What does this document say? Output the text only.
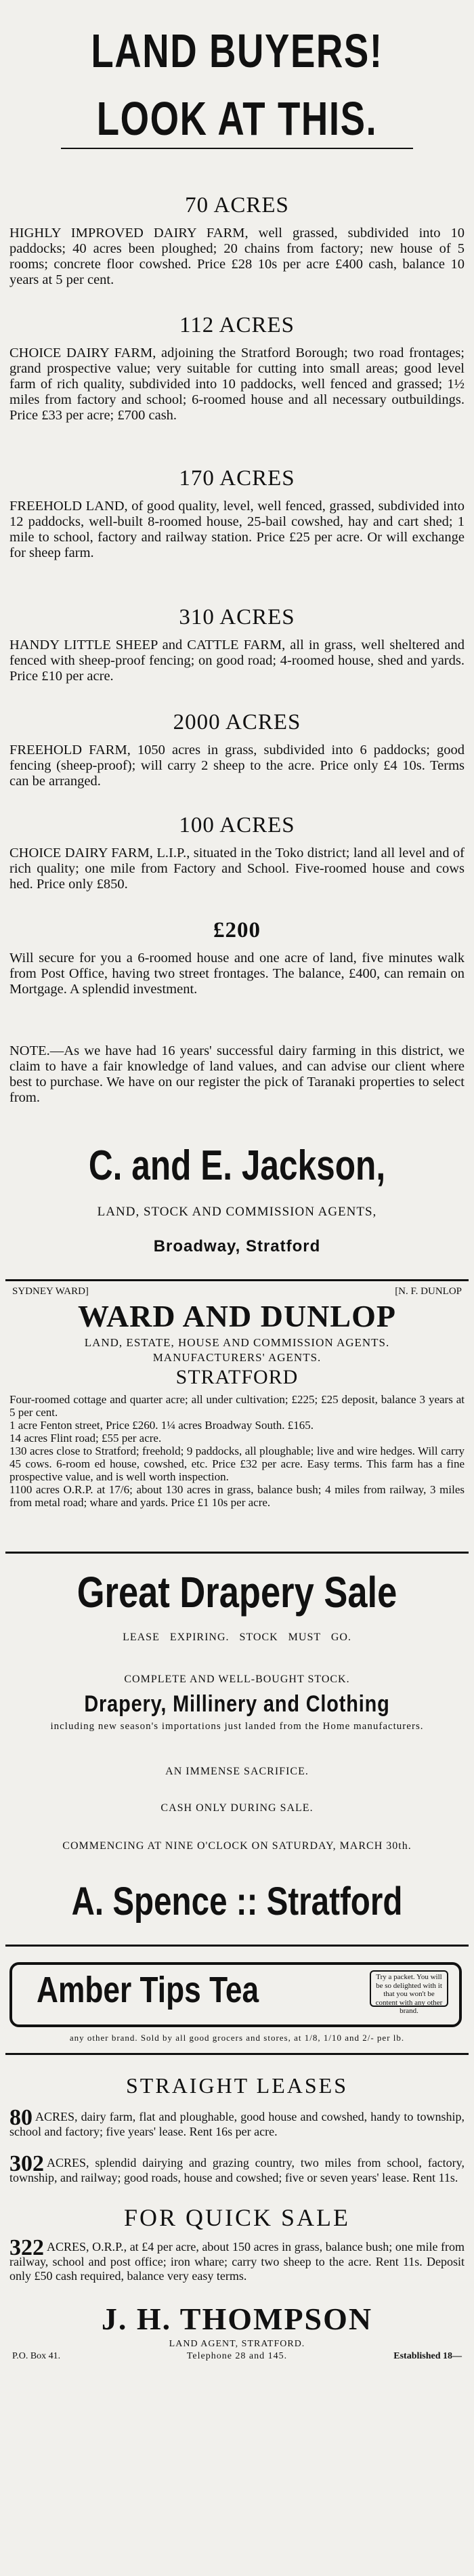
LAND BUYERS!
LOOK AT THIS.
70 ACRES
HIGHLY IMPROVED DAIRY FARM, well grassed, subdivided into 10 paddocks; 40 acres been ploughed; 20 chains from factory; new house of 5 rooms; concrete floor cowshed. Price £28 10s per acre £400 cash, balance 10 years at 5 per cent.
112 ACRES
CHOICE DAIRY FARM, adjoining the Stratford Borough; two road frontages; grand prospective value; very suitable for cutting into small areas; good level farm of rich quality, subdivided into 10 paddocks, well fenced and grassed; 1½ miles from factory and school; 6-roomed house and all necessary outbuildings. Price £33 per acre; £700 cash.
170 ACRES
FREEHOLD LAND, of good quality, level, well fenced, grassed, subdivided into 12 paddocks, well-built 8-roomed house, 25-bail cowshed, hay and cart shed; 1 mile to school, factory and railway station. Price £25 per acre. Or will exchange for sheep farm.
310 ACRES
HANDY LITTLE SHEEP and CATTLE FARM, all in grass, well sheltered and fenced with sheep-proof fencing; on good road; 4-roomed house, shed and yards. Price £10 per acre.
2000 ACRES
FREEHOLD FARM, 1050 acres in grass, subdivided into 6 paddocks; good fencing (sheep-proof); will carry 2 sheep to the acre. Price only £4 10s. Terms can be arranged.
100 ACRES
CHOICE DAIRY FARM, L.I.P., situated in the Toko district; land all level and of rich quality; one mile from Factory and School. Five-roomed house and cows hed. Price only £850.
£200
Will secure for you a 6-roomed house and one acre of land, five minutes walk from Post Office, having two street frontages. The balance, £400, can remain on Mortgage. A splendid investment.
NOTE.—As we have had 16 years' successful dairy farming in this district, we claim to have a fair knowledge of land values, and can advise our client where best to purchase. We have on our register the pick of Taranaki properties to select from.
C. and E. Jackson,
LAND, STOCK AND COMMISSION AGENTS,
Broadway, Stratford
SYDNEY WARD]	[N. F. DUNLOP
WARD AND DUNLOP
LAND, ESTATE, HOUSE AND COMMISSION AGENTS.
MANUFACTURERS' AGENTS.
STRATFORD
Four-roomed cottage and quarter acre; all under cultivation; £225; £25 deposit, balance 3 years at 5 per cent.
1 acre Fenton street, Price £260. 1¼ acres Broadway South. £165.
14 acres Flint road; £55 per acre.
130 acres close to Stratford; freehold; 9 paddocks, all ploughable; live and wire hedges. Will carry 45 cows. 6-room ed house, cowshed, etc. Price £32 per acre. Easy terms. This farm has a fine prospective value, and is well worth inspection.
1100 acres O.R.P. at 17/6; about 130 acres in grass, balance bush; 4 miles from railway, 3 miles from metal road; whare and yards. Price £1 10s per acre.
Great Drapery Sale
LEASE EXPIRING. STOCK MUST GO.
COMPLETE AND WELL-BOUGHT STOCK.
Drapery, Millinery and Clothing
including new season's importations just landed from the Home manufacturers.
AN IMMENSE SACRIFICE.
CASH ONLY DURING SALE.
COMMENCING AT NINE O'CLOCK ON SATURDAY, MARCH 30th.
A. Spence :: Stratford
Amber Tips Tea	Try a packet. You will be so delighted with it that you won't be content with any other brand.
any other brand. Sold by all good grocers and stores, at 1/8, 1/10 and 2/- per lb.
STRAIGHT LEASES
80 ACRES, dairy farm, flat and ploughable, good house and cowshed, handy to township, school and factory; five years' lease. Rent 16s per acre.
302 ACRES, splendid dairying and grazing country, two miles from school, factory, township, and railway; good roads, house and cowshed; five or seven years' lease. Rent 11s.
FOR QUICK SALE
322 ACRES, O.R.P., at £4 per acre, about 150 acres in grass, balance bush; one mile from railway, school and post office; iron whare; carry two sheep to the acre. Rent 11s. Deposit only £50 cash required, balance very easy terms.
J. H. THOMPSON
LAND AGENT, STRATFORD.
Telephone 28 and 145.
P.O. Box 41.	Established 18—
